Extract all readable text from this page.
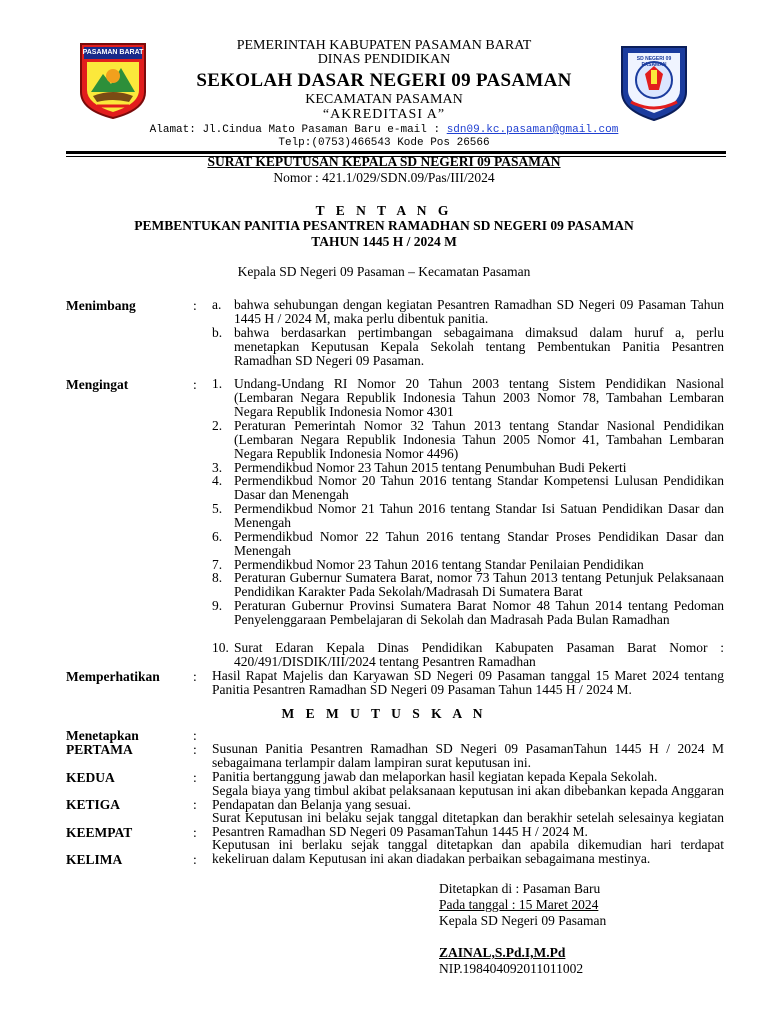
PASAMAN BARAT
SD NEGERI 09 PASAMAN
PEMERINTAH KABUPATEN PASAMAN BARAT
DINAS PENDIDIKAN
SEKOLAH DASAR NEGERI 09 PASAMAN
KECAMATAN PASAMAN
“AKREDITASI A”
Alamat: Jl.Cindua Mato Pasaman Baru e-mail : sdn09.kc.pasaman@gmail.com
Telp:(0753)466543 Kode Pos 26566
SURAT KEPUTUSAN KEPALA SD NEGERI 09 PASAMAN
Nomor : 421.1/029/SDN.09/Pas/III/2024
T E N T A N G
PEMBENTUKAN PANITIA PESANTREN RAMADHAN SD NEGERI 09 PASAMAN
TAHUN 1445 H / 2024 M
Kepala SD Negeri 09 Pasaman – Kecamatan Pasaman
Menimbang	: a. bahwa sehubungan dengan kegiatan Pesantren Ramadhan SD Negeri 09 Pasaman Tahun 1445 H / 2024 M, maka perlu dibentuk panitia.
b. bahwa berdasarkan pertimbangan sebagaimana dimaksud dalam huruf a, perlu menetapkan Keputusan Kepala Sekolah tentang Pembentukan Panitia Pesantren Ramadhan SD Negeri 09 Pasaman.
Mengingat	: 1. Undang-Undang RI Nomor 20 Tahun 2003 tentang Sistem Pendidikan Nasional (Lembaran Negara Republik Indonesia Tahun 2003 Nomor 78, Tambahan Lembaran Negara Republik Indonesia Nomor 4301
2. Peraturan Pemerintah Nomor 32 Tahun 2013 tentang Standar Nasional Pendidikan (Lembaran Negara Republik Indonesia Tahun 2005 Nomor 41, Tambahan Lembaran Negara Republik Indonesia Nomor 4496)
3. Permendikbud Nomor 23 Tahun 2015 tentang Penumbuhan Budi Pekerti
4. Permendikbud Nomor 20 Tahun 2016 tentang Standar Kompetensi Lulusan Pendidikan Dasar dan Menengah
5. Permendikbud Nomor 21 Tahun 2016 tentang Standar Isi Satuan Pendidikan Dasar dan Menengah
6. Permendikbud Nomor 22 Tahun 2016 tentang Standar Proses Pendidikan Dasar dan Menengah
7. Permendikbud Nomor 23 Tahun 2016 tentang Standar Penilaian Pendidikan
8. Peraturan Gubernur Sumatera Barat, nomor 73 Tahun 2013 tentang Petunjuk Pelaksanaan Pendidikan Karakter Pada Sekolah/Madrasah Di Sumatera Barat
9. Peraturan Gubernur Provinsi Sumatera Barat Nomor 48 Tahun 2014 tentang Pedoman Penyelenggaraan Pembelajaran di Sekolah dan Madrasah Pada Bulan Ramadhan
10. Surat Edaran Kepala Dinas Pendidikan Kabupaten Pasaman Barat Nomor : 420/491/DISDIK/III/2024 tentang Pesantren Ramadhan
Memperhatikan : Hasil Rapat Majelis dan Karyawan SD Negeri 09 Pasaman tanggal 15 Maret 2024 tentang Panitia Pesantren Ramadhan SD Negeri 09 Pasaman Tahun 1445 H / 2024 M.
M E M U T U S K A N
Menetapkan	:
PERTAMA	: Susunan Panitia Pesantren Ramadhan SD Negeri 09 PasamanTahun 1445 H / 2024 M sebagaimana terlampir dalam lampiran surat keputusan ini.
KEDUA	: Panitia bertanggung jawab dan melaporkan hasil kegiatan kepada Kepala Sekolah.
KETIGA	:
Segala biaya yang timbul akibat pelaksanaan keputusan ini akan dibebankan kepada Anggaran Pendapatan dan Belanja yang sesuai.
KEEMPAT	:
Surat Keputusan ini belaku sejak tanggal ditetapkan dan berakhir setelah selesainya kegiatan Pesantren Ramadhan SD Negeri 09 PasamanTahun 1445 H / 2024 M.
KELIMA	:
Keputusan ini berlaku sejak tanggal ditetapkan dan apabila dikemudian hari terdapat kekeliruan dalam Keputusan ini akan diadakan perbaikan sebagaimana mestinya.
Ditetapkan di : Pasaman Baru
Pada tanggal : 15 Maret 2024
Kepala SD Negeri 09 Pasaman
ZAINAL,S.Pd.I,M.Pd
NIP.198404092011011002
